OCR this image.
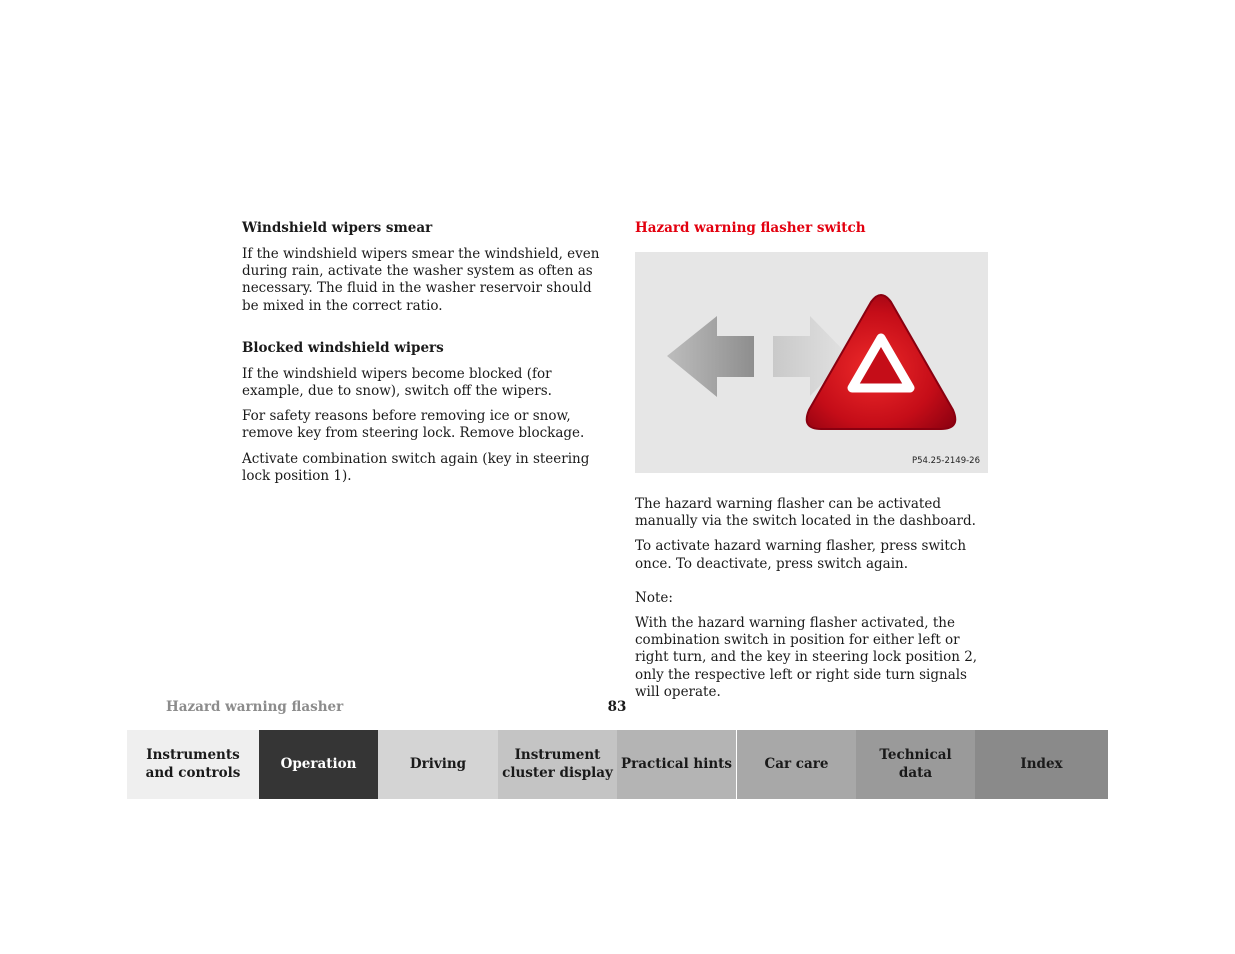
Windshield wipers smear

If the windshield wipers smear the windshield, even during rain, activate the washer system as often as necessary. The fluid in the washer reservoir should be mixed in the correct ratio.

Blocked windshield wipers

If the windshield wipers become blocked (for example, due to snow), switch off the wipers.

For safety reasons before removing ice or snow, remove key from steering lock. Remove blockage.

Activate combination switch again (key in steering lock position 1).

Hazard warning flasher switch
P54.25-2149-26

The hazard warning flasher can be activated manually via the switch located in the dashboard.

To activate hazard warning flasher, press switch once. To deactivate, press switch again.

Note:

With the hazard warning flasher activated, the combination switch in position for either left or right turn, and the key in steering lock position 2, only the respective left or right side turn signals will operate.

Hazard warning flasher	83
Instruments
and controls
Operation	Driving
Instrument
cluster display
Practical hints Car care
Technical
data
Index
